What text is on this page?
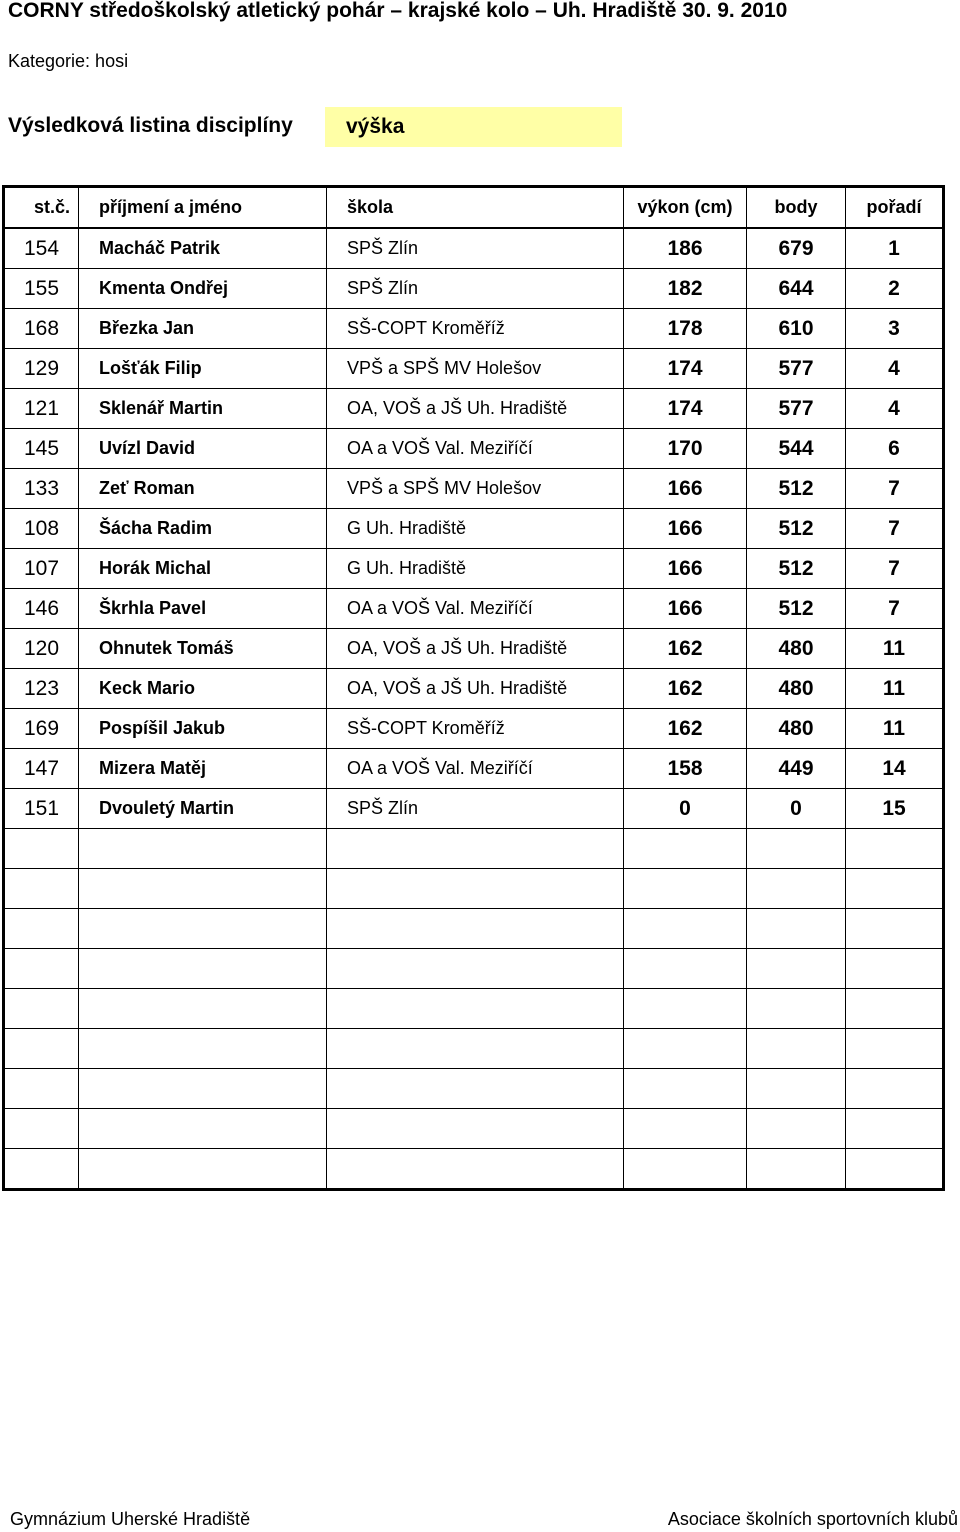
CORNY středoškolský atletický pohár – krajské kolo – Uh. Hradiště 30. 9. 2010
Kategorie: hosi
Výsledková listina disciplíny	výška
st.č.	příjmení a jméno	škola	výkon (cm)	body	pořadí
154	Macháč Patrik	SPŠ Zlín	186	679	1
155	Kmenta Ondřej	SPŠ Zlín	182	644	2
168	Březka Jan	SŠ-COPT Kroměříž	178	610	3
129	Lošťák Filip	VPŠ a SPŠ MV Holešov	174	577	4
121	Sklenář Martin	OA, VOŠ a JŠ Uh. Hradiště	174	577	4
145	Uvízl David	OA a VOŠ Val. Meziříčí	170	544	6
133	Zeť Roman	VPŠ a SPŠ MV Holešov	166	512	7
108	Šácha Radim	G Uh. Hradiště	166	512	7
107	Horák Michal	G Uh. Hradiště	166	512	7
146	Škrhla Pavel	OA a VOŠ Val. Meziříčí	166	512	7
120	Ohnutek Tomáš	OA, VOŠ a JŠ Uh. Hradiště	162	480	11
123	Keck Mario	OA, VOŠ a JŠ Uh. Hradiště	162	480	11
169	Pospíšil Jakub	SŠ-COPT Kroměříž	162	480	11
147	Mizera Matěj	OA a VOŠ Val. Meziříčí	158	449	14
151	Dvouletý Martin	SPŠ Zlín	0	0	15

Gymnázium Uherské Hradiště	Asociace školních sportovních klubů
